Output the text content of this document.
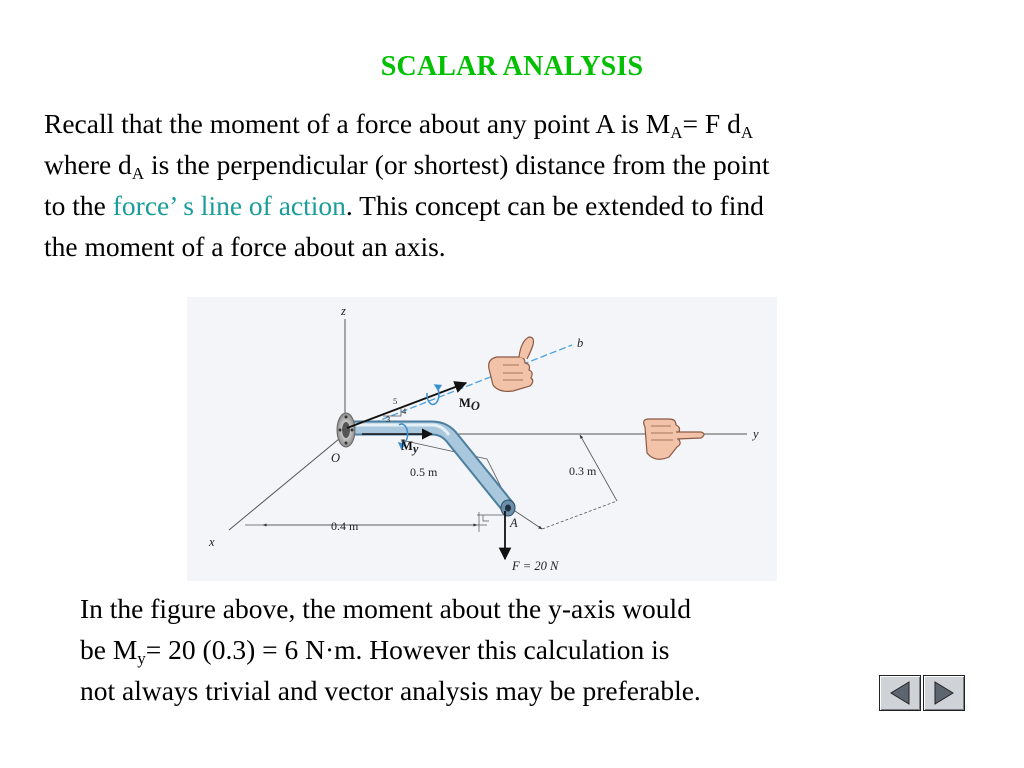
SCALAR ANALYSIS
Recall that the moment of a force about any point A is $M_A= F$ $d_A$
where $d_A$ is the perpendicular (or shortest) distance from the point
to the force’ s line of action. This concept can be extended to find
the moment of a force about an axis.
z
y
x
b
O
A
MO
My
0.5 m	0.3 m
0.4 m
F = 20 N
5
4
3
In the figure above, the moment about the y-axis would
be $M_y= 20$ (0.3) = 6 N·m. However this calculation is
not always trivial and vector analysis may be preferable.
